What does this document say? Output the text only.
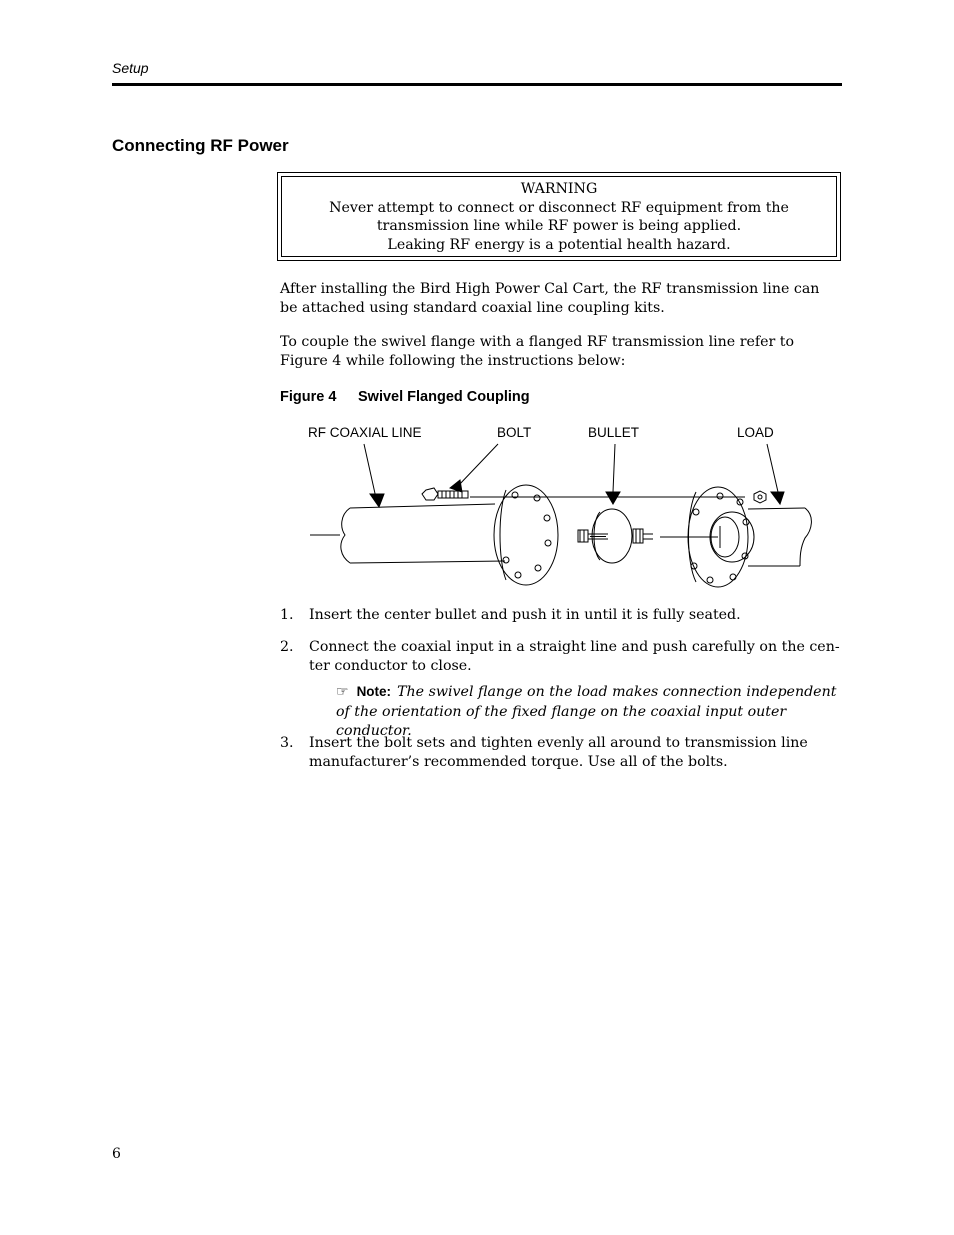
Setup
Connecting RF Power
WARNING
Never attempt to connect or disconnect RF equipment from the
transmission line while RF power is being applied.
Leaking RF energy is a potential health hazard.
After installing the Bird High Power Cal Cart, the RF transmission line can be attached using standard coaxial line coupling kits.
To couple the swivel flange with a flanged RF transmission line refer to Figure 4 while following the instructions below:
Figure 4 Swivel Flanged Coupling
RF COAXIAL LINE	BOLT	BULLET	LOAD
1. Insert the center bullet and push it in until it is fully seated.
2. Connect the coaxial input in a straight line and push carefully on the cen-ter conductor to close.
☞ Note: The swivel flange on the load makes connection independent of the orientation of the fixed flange on the coaxial input outer conductor.
3. Insert the bolt sets and tighten evenly all around to transmission line manufacturer’s recommended torque. Use all of the bolts.
6
